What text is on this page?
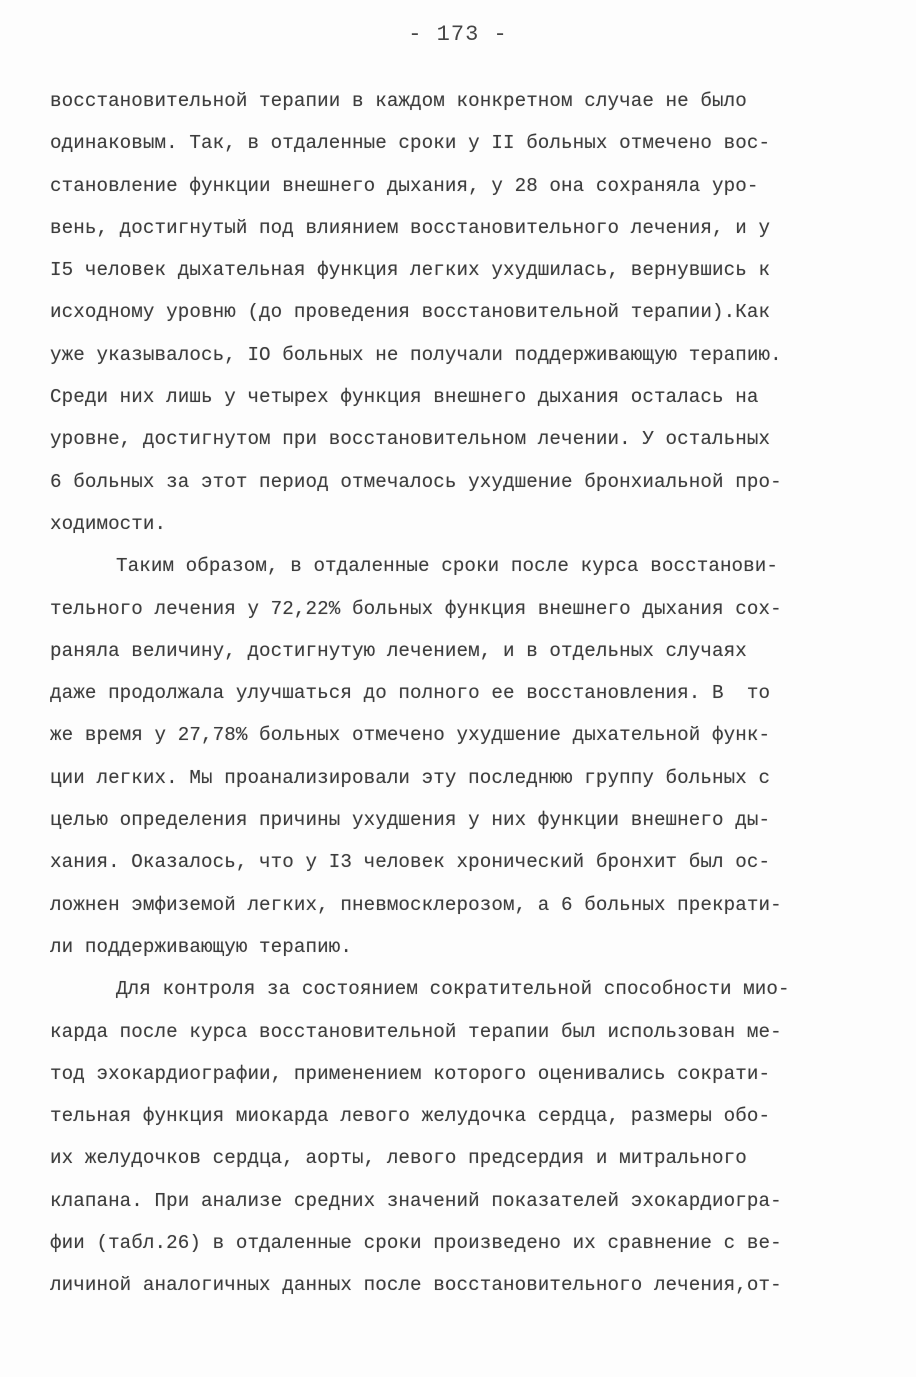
- 173 -
восстановительной терапии в каждом конкретном случае не было
одинаковым. Так, в отдаленные сроки у II больных отмечено вос-
становление функции внешнего дыхания, у 28 она сохраняла уро-
вень, достигнутый под влиянием восстановительного лечения, и у
I5 человек дыхательная функция легких ухудшилась, вернувшись к
исходному уровню (до проведения восстановительной терапии).Как
уже указывалось, IO больных не получали поддерживающую терапию.
Среди них лишь у четырех функция внешнего дыхания осталась на
уровне, достигнутом при восстановительном лечении. У остальных
6 больных за этот период отмечалось ухудшение бронхиальной про-
ходимости.
Таким образом, в отдаленные сроки после курса восстанови-
тельного лечения у 72,22% больных функция внешнего дыхания сох-
раняла величину, достигнутую лечением, и в отдельных случаях
даже продолжала улучшаться до полного ее восстановления. В  то
же время у 27,78% больных отмечено ухудшение дыхательной функ-
ции легких. Мы проанализировали эту последнюю группу больных с
целью определения причины ухудшения у них функции внешнего ды-
хания. Оказалось, что у I3 человек хронический бронхит был ос-
ложнен эмфиземой легких, пневмосклерозом, а 6 больных прекрати-
ли поддерживающую терапию.
Для контроля за состоянием сократительной способности мио-
карда после курса восстановительной терапии был использован ме-
тод эхокардиографии, применением которого оценивались сократи-
тельная функция миокарда левого желудочка сердца, размеры обо-
их желудочков сердца, аорты, левого предсердия и митрального
клапана. При анализе средних значений показателей эхокардиогра-
фии (табл.26) в отдаленные сроки произведено их сравнение с ве-
личиной аналогичных данных после восстановительного лечения,от-
